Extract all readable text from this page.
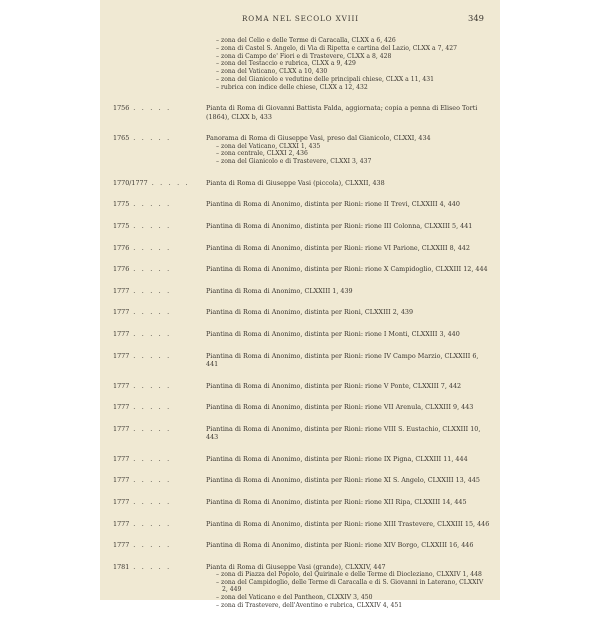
ROMA NEL SECOLO XVIII	349
– zona del Celio e delle Terme di Caracalla, CLXX a 6, 426
– zona di Castel S. Angelo, di Via di Ripetta e cartina del Lazio, CLXX a 7, 427
– zona di Campo de' Fiori e di Trastevere, CLXX a 8, 428
– zona del Testaccio e rubrica, CLXX a 9, 429
– zona del Vaticano, CLXX a 10, 430
– zona del Gianicolo e vedutine delle principali chiese, CLXX a 11, 431
– rubrica con indice delle chiese, CLXX a 12, 432
1756 . . . . .	Pianta di Roma di Giovanni Battista Falda, aggiornata; copia a penna di Eliseo Torti (1864), CLXX b, 433
1765 . . . . .	Panorama di Roma di Giuseppe Vasi, preso dal Gianicolo, CLXXI, 434
– zona del Vaticano, CLXXI 1, 435
– zona centrale, CLXXI 2, 436
– zona del Gianicolo e di Trastevere, CLXXI 3, 437
1770/1777 . . . . .	Pianta di Roma di Giuseppe Vasi (piccola), CLXXII, 438
1775 . . . . .	Piantina di Roma di Anonimo, distinta per Rioni: rione II Trevi, CLXXIII 4, 440
1775 . . . . .	Piantina di Roma di Anonimo, distinta per Rioni: rione III Colonna, CLXXIII 5, 441
1776 . . . . .	Piantina di Roma di Anonimo, distinta per Rioni: rione VI Parione, CLXXIII 8, 442
1776 . . . . .	Piantina di Roma di Anonimo, distinta per Rioni: rione X Campidoglio, CLXXIII 12, 444
1777 . . . . .	Piantina di Roma di Anonimo, CLXXIII 1, 439
1777 . . . . .	Piantina di Roma di Anonimo, distinta per Rioni, CLXXIII 2, 439
1777 . . . . .	Piantina di Roma di Anonimo, distinta per Rioni: rione I Monti, CLXXIII 3, 440
1777 . . . . .	Piantina di Roma di Anonimo, distinta per Rioni: rione IV Campo Marzio, CLXXIII 6, 441
1777 . . . . .	Piantina di Roma di Anonimo, distinta per Rioni: rione V Ponte, CLXXIII 7, 442
1777 . . . . .	Piantina di Roma di Anonimo, distinta per Rioni: rione VII Arenula, CLXXIII 9, 443
1777 . . . . .	Piantina di Roma di Anonimo, distinta per Rioni: rione VIII S. Eustachio, CLXXIII 10, 443
1777 . . . . .	Piantina di Roma di Anonimo, distinta per Rioni: rione IX Pigna, CLXXIII 11, 444
1777 . . . . .	Piantina di Roma di Anonimo, distinta per Rioni: rione XI S. Angelo, CLXXIII 13, 445
1777 . . . . .	Piantina di Roma di Anonimo, distinta per Rioni: rione XII Ripa, CLXXIII 14, 445
1777 . . . . .	Piantina di Roma di Anonimo, distinta per Rioni: rione XIII Trastevere, CLXXIII 15, 446
1777 . . . . .	Piantina di Roma di Anonimo, distinta per Rioni: rione XIV Borgo, CLXXIII 16, 446
1781 . . . . .	Pianta di Roma di Giuseppe Vasi (grande), CLXXIV, 447
– zona di Piazza del Popolo, del Quirinale e delle Terme di Diocleziano, CLXXIV 1, 448
– zona del Campidoglio, delle Terme di Caracalla e di S. Giovanni in Laterano, CLXXIV 2, 449
– zona del Vaticano e del Pantheon, CLXXIV 3, 450
– zona di Trastevere, dell'Aventino e rubrica, CLXXIV 4, 451
